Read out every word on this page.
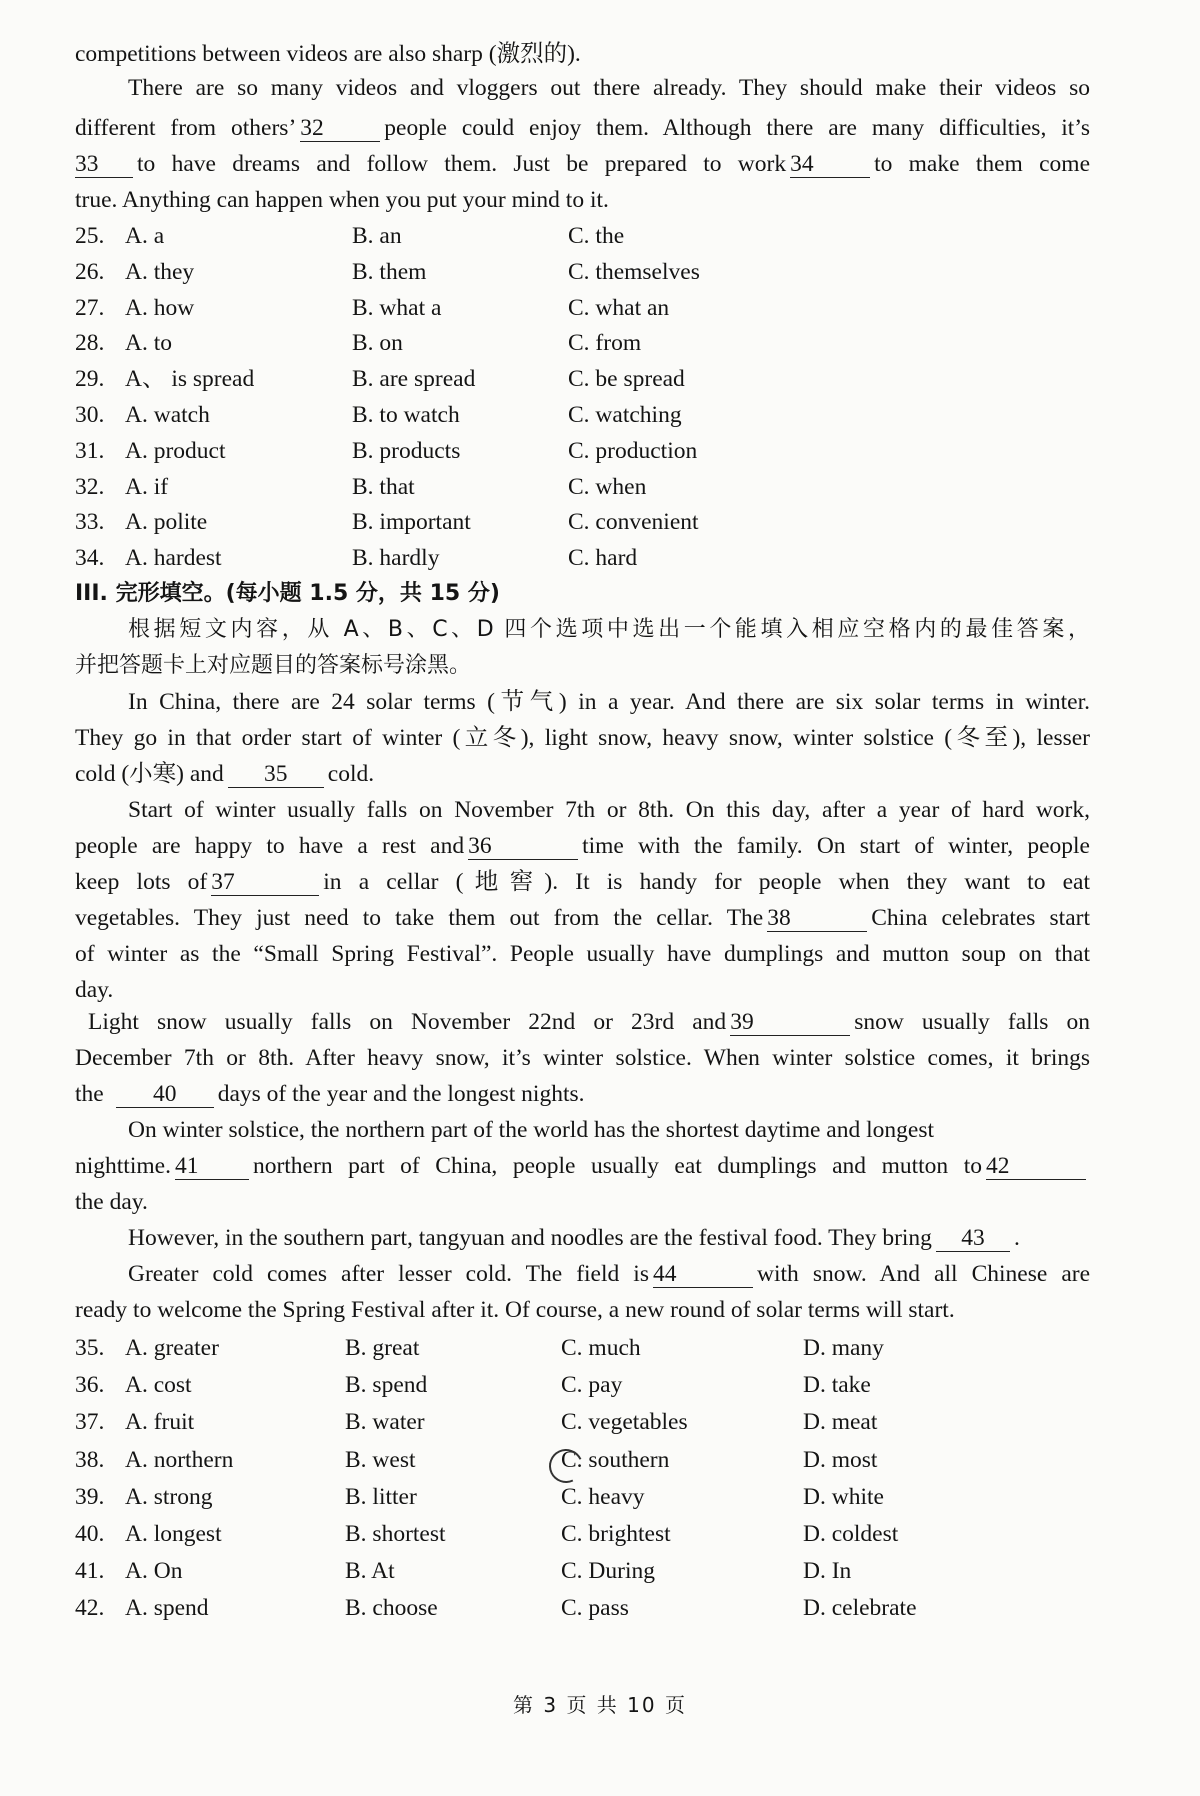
competitions between videos are also sharp (激烈的).
There are so many videos and vloggers out there already. They should make their videos so
different from others’ 32	people could enjoy them. Although there are many difficulties, it’s
33 to have dreams and follow them. Just be prepared to work 34	to make them come
true. Anything can happen when you put your mind to it.
25. A. a	B. an	C. the
26. A. they	B. them	C. themselves
27. A. how	B. what a	C. what an
28. A. to	B. on	C. from
29. A、 is spread	B. are spread	C. be spread
30. A. watch	B. to watch	C. watching
31. A. product	B. products	C. production
32. A. if	B. that	C. when
33. A. polite	B. important	C. convenient
34. A. hardest	B. hardly	C. hard
III. 完形填空。(每小题 1.5 分，共 15 分)
根据短文内容，从 A、B、C、D 四个选项中选出一个能填入相应空格内的最佳答案，
并把答题卡上对应题目的答案标号涂黑。
In China, there are 24 solar terms (节气) in a year. And there are six solar terms in winter.
They go in that order start of winter (立冬), light snow, heavy snow, winter solstice (冬至), lesser
cold (小寒) and 35 cold.
Start of winter usually falls on November 7th or 8th. On this day, after a year of hard work,
people are happy to have a rest and 36	time with the family. On start of winter, people
keep lots of 37	in a cellar (地窖). It is handy for people when they want to eat
vegetables. They just need to take them out from the cellar. The 38	China celebrates start
of winter as the “Small Spring Festival”. People usually have dumplings and mutton soup on that
day.
Light snow usually falls on November 22nd or 23rd and 39	snow usually falls on
December 7th or 8th. After heavy snow, it’s winter solstice. When winter solstice comes, it brings
the 40 days of the year and the longest nights.
On winter solstice, the northern part of the world has the shortest daytime and longest
nighttime. 41 northern part of China, people usually eat dumplings and mutton to 42
the day.
However, in the southern part, tangyuan and noodles are the festival food. They bring 43 .
Greater cold comes after lesser cold. The field is 44	with snow. And all Chinese are
ready to welcome the Spring Festival after it. Of course, a new round of solar terms will start.
35. A. greater	B. great	C. much	D. many
36. A. cost	B. spend	C. pay	D. take
37. A. fruit	B. water	C. vegetables	D. meat
38. A. northern	B. west	C. southern	D. most
39. A. strong	B. litter	C. heavy	D. white
40. A. longest	B. shortest	C. brightest	D. coldest
41. A. On	B. At	C. During	D. In
42. A. spend	B. choose	C. pass	D. celebrate
第 3 页 共 10 页
